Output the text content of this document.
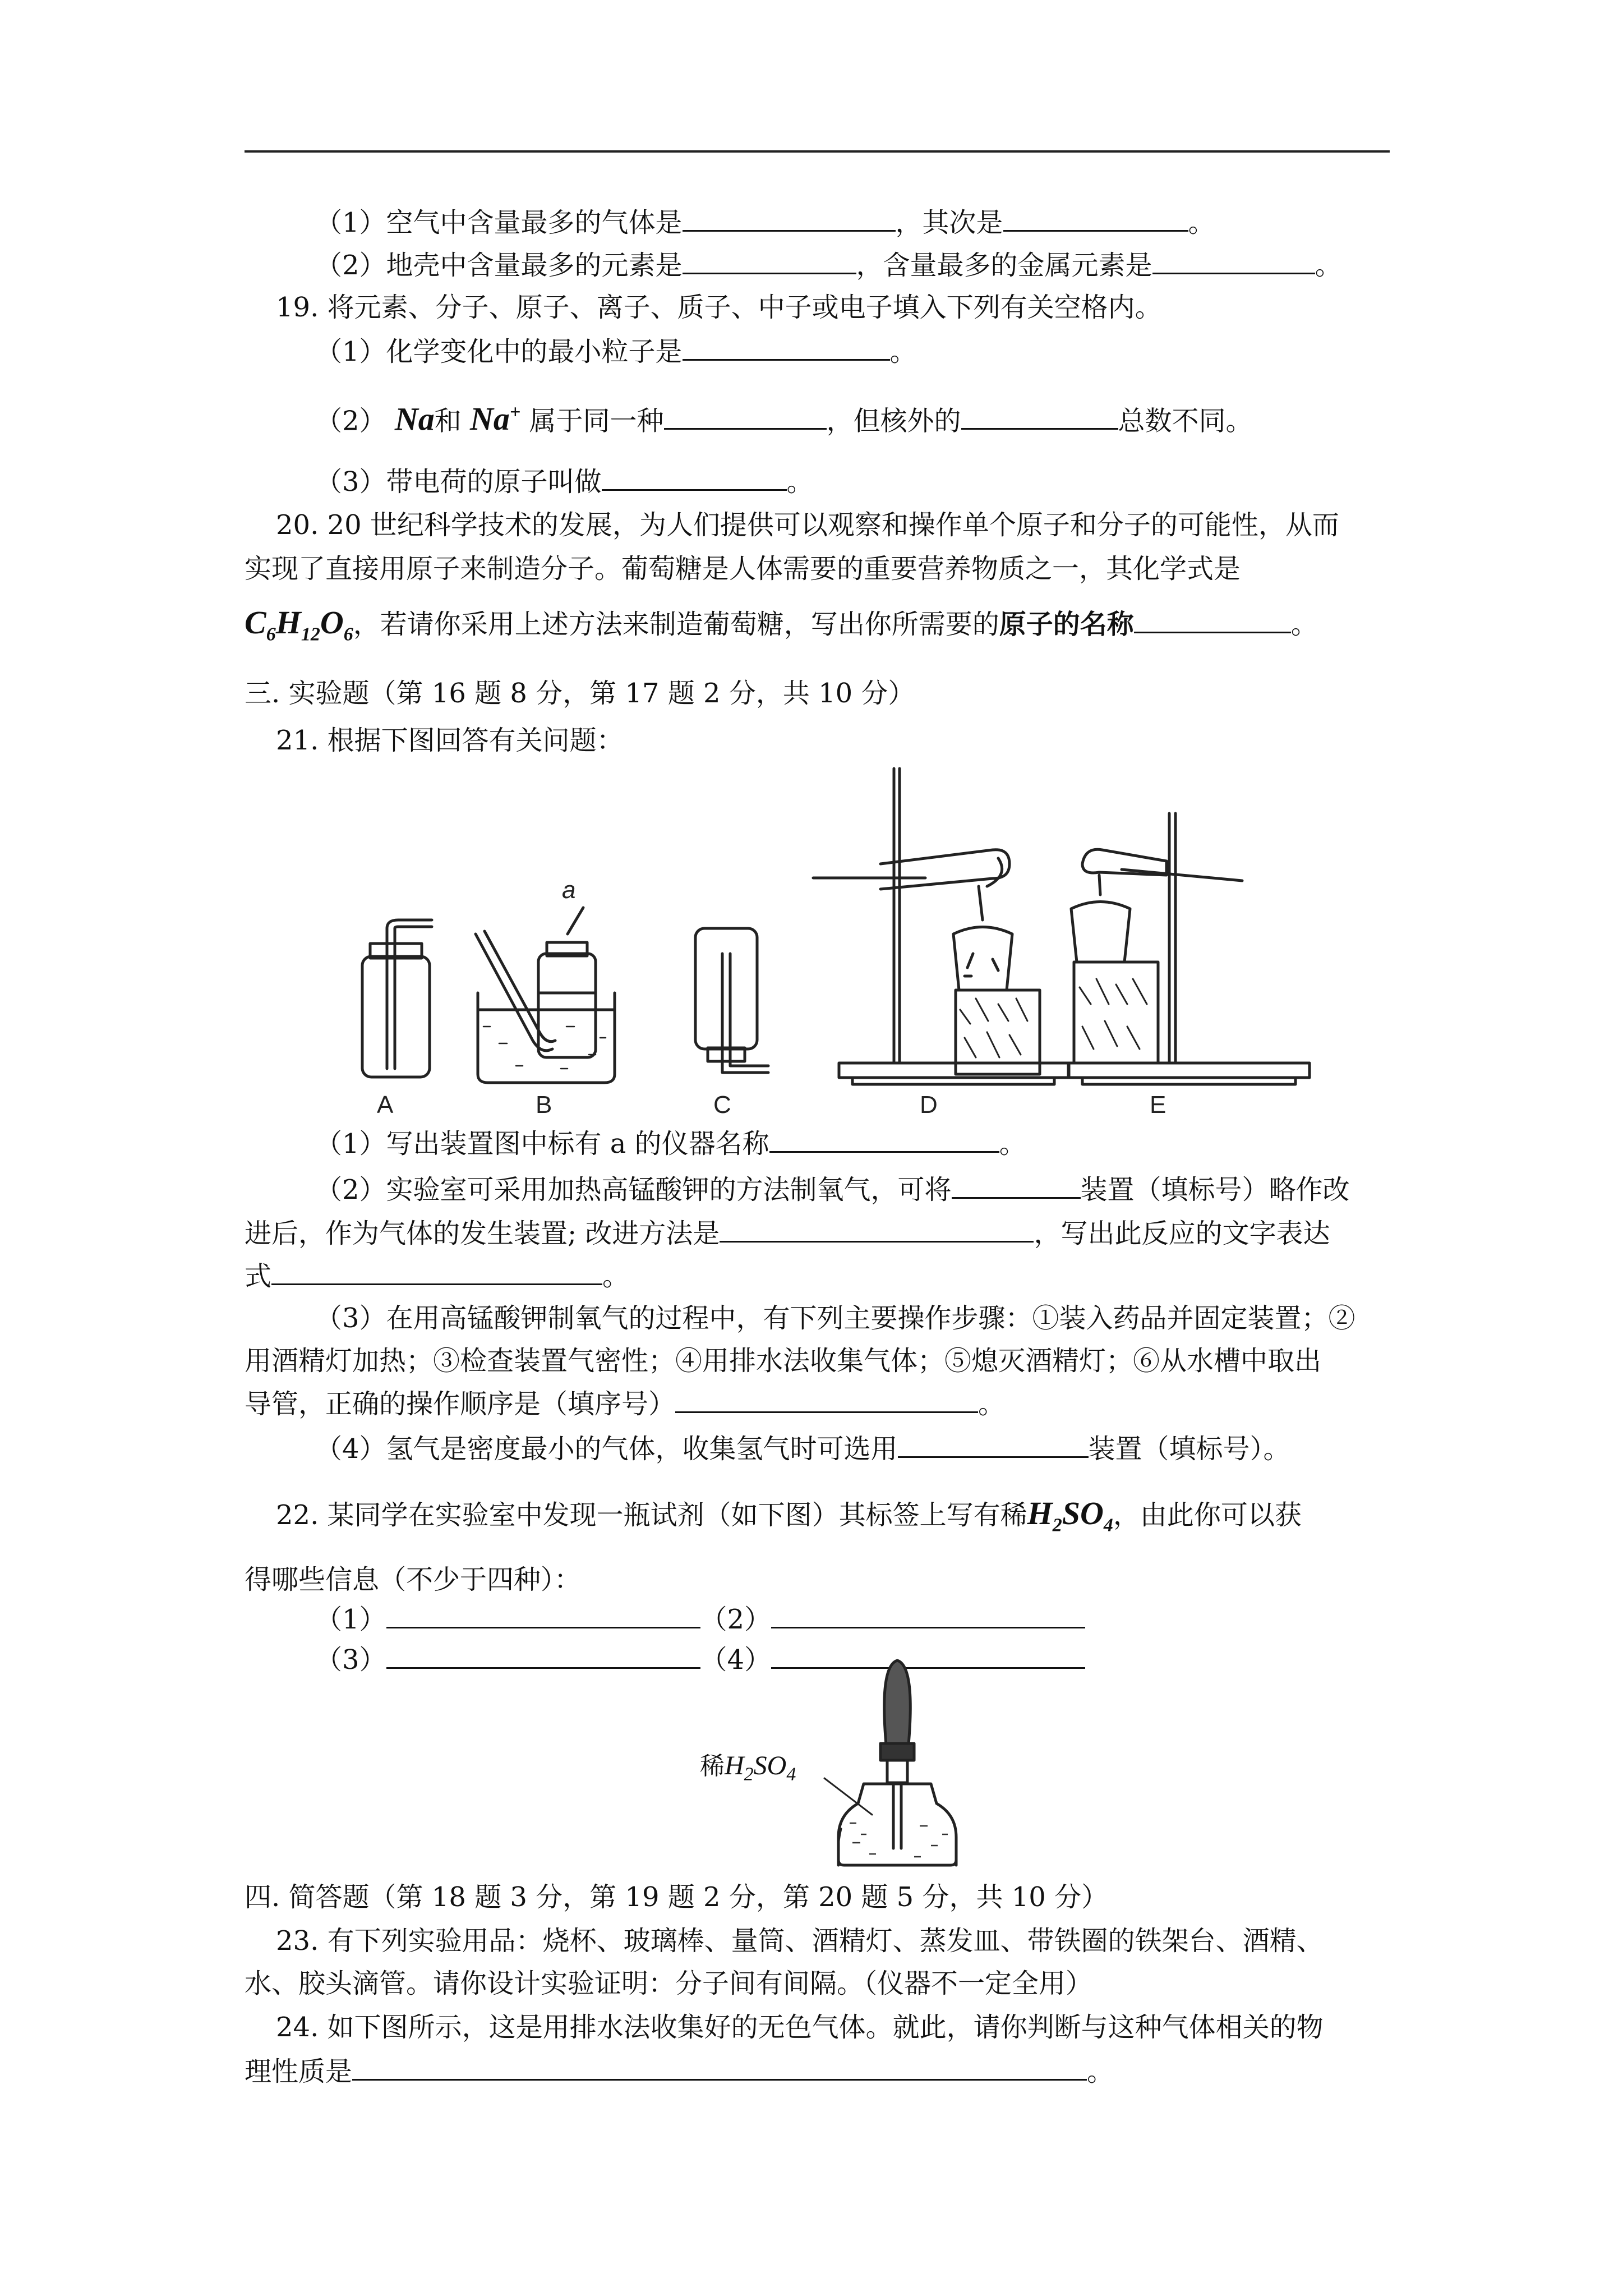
（1）空气中含量最多的气体是	，其次是	。
（2）地壳中含量最多的元素是	，含量最多的金属元素是	。
19. 将元素、分子、原子、离子、质子、中子或电子填入下列有关空格内。
（1）化学变化中的最小粒子是	。
（2） Na和 Na+ 属于同一种	，但核外的	总数不同。
（3）带电荷的原子叫做	。
20. 20 世纪科学技术的发展，为人们提供可以观察和操作单个原子和分子的可能性，从而
实现了直接用原子来制造分子。葡萄糖是人体需要的重要营养物质之一，其化学式是
$C_6H_{12}O_6$，若请你采用上述方法来制造葡萄糖，写出你所需要的原子的名称	。
三. 实验题（第 16 题 8 分，第 17 题 2 分，共 10 分）
21. 根据下图回答有关问题：
a
A	B	C	D	E
（1）写出装置图中标有 a 的仪器名称	。
（2）实验室可采用加热高锰酸钾的方法制氧气，可将	装置（填标号）略作改
进后，作为气体的发生装置; 改进方法是	，写出此反应的文字表达
式	。
（3）在用高锰酸钾制氧气的过程中，有下列主要操作步骤：①装入药品并固定装置；②
用酒精灯加热；③检查装置气密性；④用排水法收集气体；⑤熄灭酒精灯；⑥从水槽中取出
导管，正确的操作顺序是（填序号）	。
（4）氢气是密度最小的气体，收集氢气时可选用	装置（填标号）。
22. 某同学在实验室中发现一瓶试剂（如下图）其标签上写有稀$H_2SO_4$，由此你可以获
得哪些信息（不少于四种）：
（1）	（2）
（3）	（4）
稀$H_2SO_4$
四. 简答题（第 18 题 3 分，第 19 题 2 分，第 20 题 5 分，共 10 分）
23. 有下列实验用品：烧杯、玻璃棒、量筒、酒精灯、蒸发皿、带铁圈的铁架台、酒精、
水、胶头滴管。请你设计实验证明：分子间有间隔。（仪器不一定全用）
24. 如下图所示，这是用排水法收集好的无色气体。就此，请你判断与这种气体相关的物
理性质是	。
